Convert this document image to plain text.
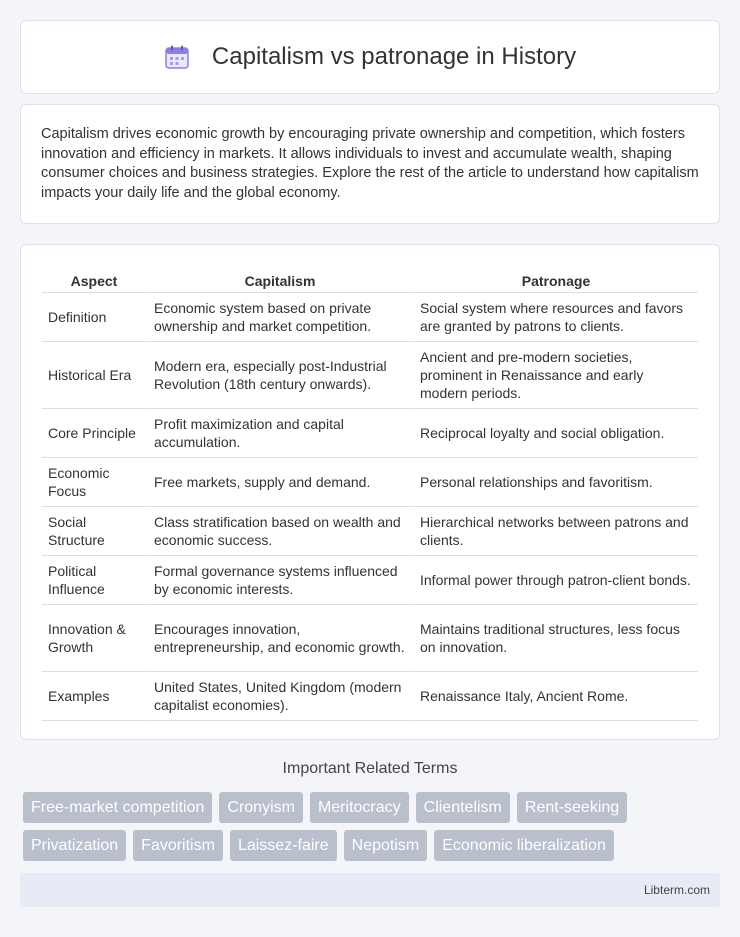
Capitalism vs patronage in History

Capitalism drives economic growth by encouraging private ownership and competition, which fosters innovation and efficiency in markets. It allows individuals to invest and accumulate wealth, shaping consumer choices and business strategies. Explore the rest of the article to understand how capitalism impacts your daily life and the global economy.

Aspect	Capitalism	Patronage
Definition	Economic system based on private ownership and market competition.	Social system where resources and favors are granted by patrons to clients.
Historical Era	Modern era, especially post-Industrial Revolution (18th century onwards).	Ancient and pre-modern societies, prominent in Renaissance and early modern periods.
Core Principle	Profit maximization and capital accumulation.	Reciprocal loyalty and social obligation.
Economic Focus	Free markets, supply and demand.	Personal relationships and favoritism.
Social Structure	Class stratification based on wealth and economic success.	Hierarchical networks between patrons and clients.
Political Influence	Formal governance systems influenced by economic interests.	Informal power through patron-client bonds.
Innovation & Growth	Encourages innovation, entrepreneurship, and economic growth.	Maintains traditional structures, less focus on innovation.
Examples	United States, United Kingdom (modern capitalist economies).	Renaissance Italy, Ancient Rome.
Important Related Terms
Free-market competition	Cronyism	Meritocracy	Clientelism	Rent-seeking
Privatization	Favoritism	Laissez-faire	Nepotism	Economic liberalization
Libterm.com
